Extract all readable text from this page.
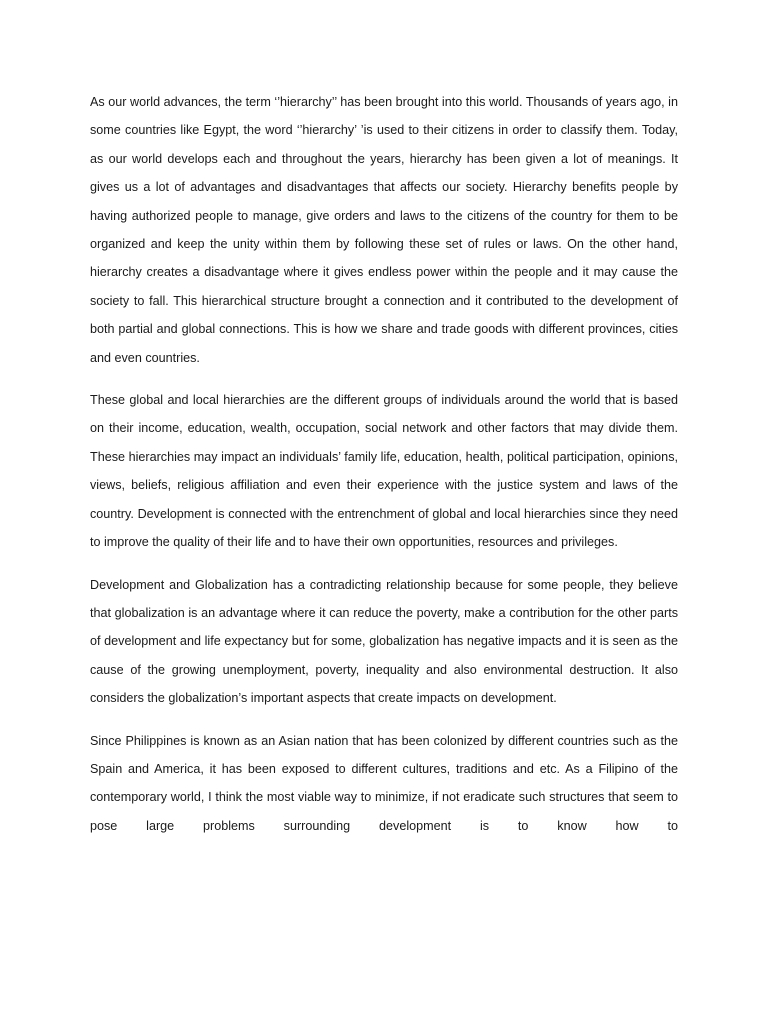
As our world advances, the term ‘’hierarchy’’ has been brought into this world. Thousands of years ago, in some countries like Egypt, the word ‘’hierarchy’ ’is used to their citizens in order to classify them. Today, as our world develops each and throughout the years, hierarchy has been given a lot of meanings. It gives us a lot of advantages and disadvantages that affects our society. Hierarchy benefits people by having authorized people to manage, give orders and laws to the citizens of the country for them to be organized and keep the unity within them by following these set of rules or laws. On the other hand, hierarchy creates a disadvantage where it gives endless power within the people and it may cause the society to fall. This hierarchical structure brought a connection and it contributed to the development of both partial and global connections. This is how we share and trade goods with different provinces, cities and even countries.

These global and local hierarchies are the different groups of individuals around the world that is based on their income, education, wealth, occupation, social network and other factors that may divide them. These hierarchies may impact an individuals’ family life, education, health, political participation, opinions, views, beliefs, religious affiliation and even their experience with the justice system and laws of the country. Development is connected with the entrenchment of global and local hierarchies since they need to improve the quality of their life and to have their own opportunities, resources and privileges.

Development and Globalization has a contradicting relationship because for some people, they believe that globalization is an advantage where it can reduce the poverty, make a contribution for the other parts of development and life expectancy but for some, globalization has negative impacts and it is seen as the cause of the growing unemployment, poverty, inequality and also environmental destruction. It also considers the globalization’s important aspects that create impacts on development.

Since Philippines is known as an Asian nation that has been colonized by different countries such as the Spain and America, it has been exposed to different cultures, traditions and etc. As a Filipino of the contemporary world, I think the most viable way to minimize, if not eradicate such structures that seem to pose large problems surrounding development is to know how to
